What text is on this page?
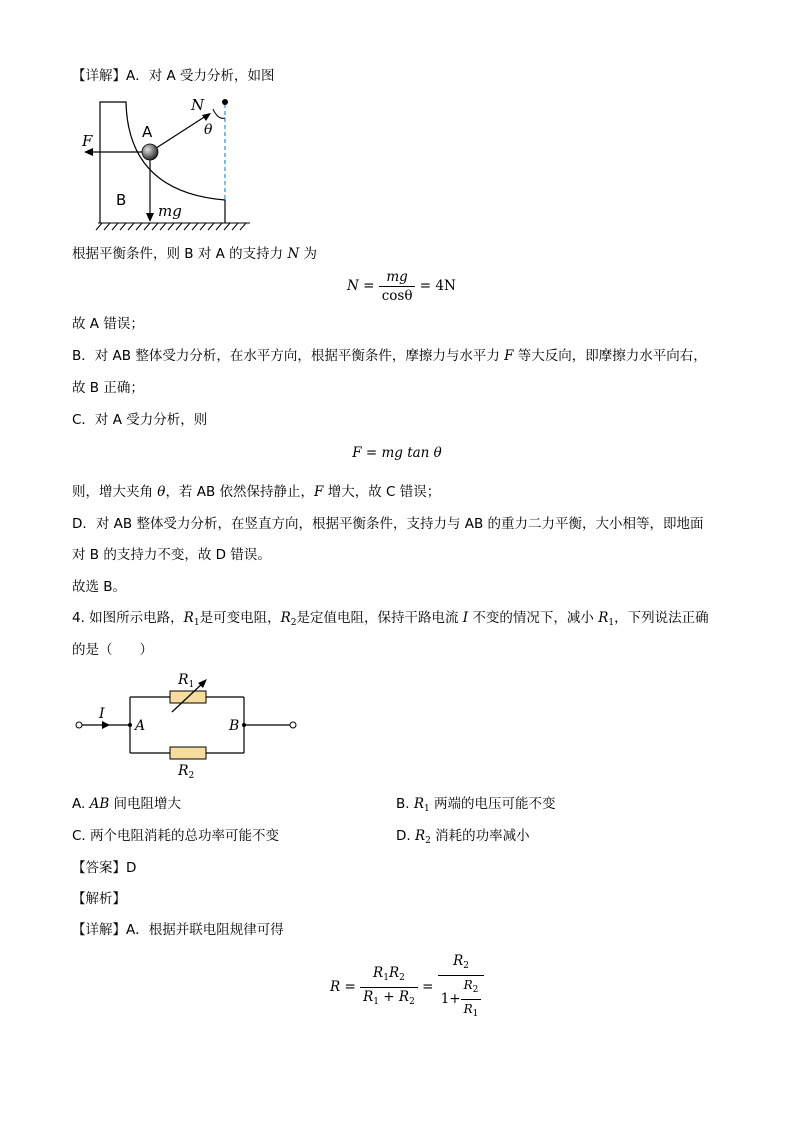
【详解】A．对 A 受力分析，如图
N
θ
A
F
B
mg
根据平衡条件，则 B 对 A 的支持力 N 为
$N = \frac{mg}{\cos\theta} = 4N$
故 A 错误；
B．对 AB 整体受力分析，在水平方向，根据平衡条件，摩擦力与水平力 F 等大反向，即摩擦力水平向右，
故 B 正确；
C．对 A 受力分析，则
F = mg tan θ
则，增大夹角 θ，若 AB 依然保持静止，F 增大，故 C 错误；
D．对 AB 整体受力分析，在竖直方向，根据平衡条件，支持力与 AB 的重力二力平衡，大小相等，即地面
对 B 的支持力不变，故 D 错误。
故选 B。
4. 如图所示电路，$R_1$是可变电阻，$R_2$是定值电阻，保持干路电流 I 不变的情况下，减小 $R_1$，下列说法正确
的是（　　）
$R_1$
$R_2$
I
A	B
A. AB 间电阻增大	B. $R_1$ 两端的电压可能不变
C. 两个电阻消耗的总功率可能不变	D. $R_2$ 消耗的功率减小
【答案】D
【解析】
【详解】A．根据并联电阻规律可得
$R = \frac{R_1R_2}{R_1 + R_2} = \frac{R_2}{1+ \frac{R_2}{R_1}}$
